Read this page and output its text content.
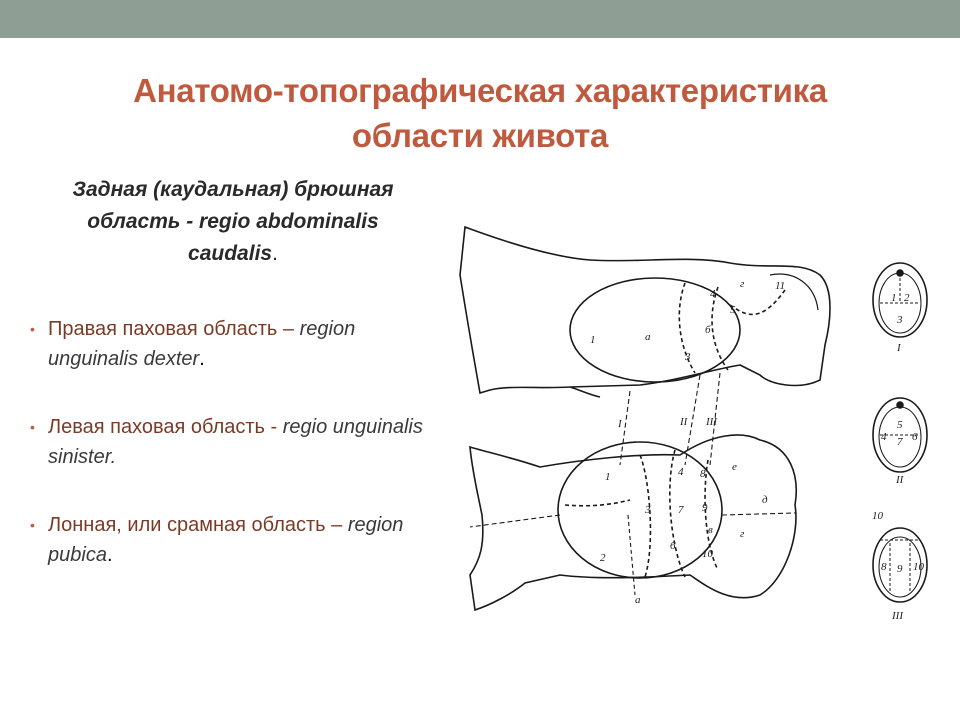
Анатомо-топографическая характеристика
области живота
Задная (каудальная) брюшная область - regio abdominalis caudalis.
• Правая паховая область – region unguinalis dexter.
• Левая паховая область - regio unguinalis sinister.
• Лонная, или срамная область – region pubica.
1
4
3
5
11
а
б
г
I	II III
1
2
3
4
6
7
8
9
10
в г
д
е
а
1 2
3
I
5
4 7 6
II
10
8 9 10
III
